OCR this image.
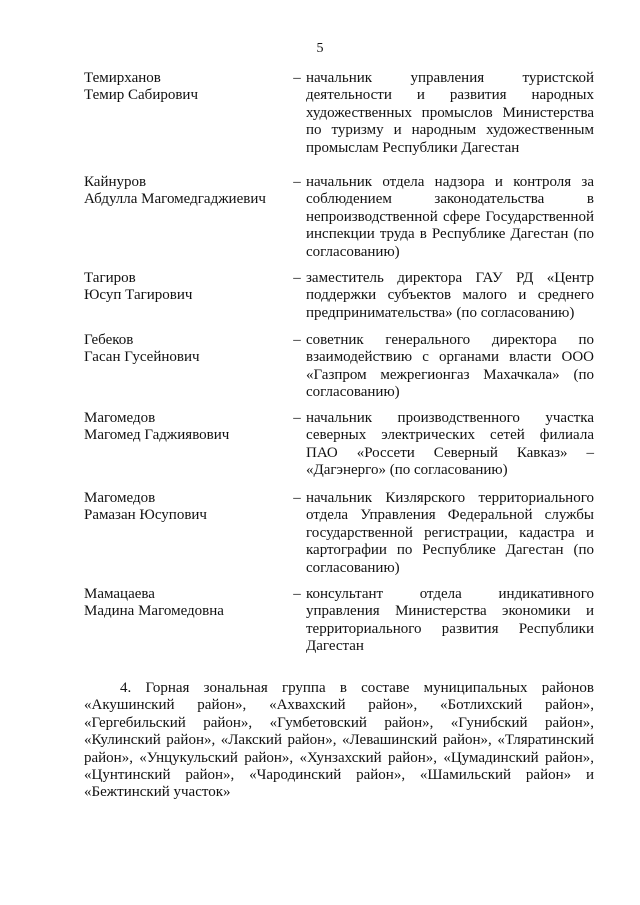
5
Темирханов
Темир Сабирович
– начальник управления туристской деятельности и развития народных художественных промыслов Министерства по туризму и народным художественным промыслам Республики Дагестан
Кайнуров
Абдулла Магомедгаджиевич
– начальник отдела надзора и контроля за соблюдением законодательства в непроизводственной сфере Государственной инспекции труда в Республике Дагестан (по согласованию)
Тагиров
Юсуп Тагирович
– заместитель директора ГАУ РД «Центр поддержки субъектов малого и среднего предпринимательства» (по согласованию)
Гебеков
Гасан Гусейнович
– советник генерального директора по взаимодействию с органами власти ООО «Газпром межрегионгаз Махачкала» (по согласованию)
Магомедов
Магомед Гаджиявович
– начальник производственного участка северных электрических сетей филиала ПАО «Россети Северный Кавказ» – «Дагэнерго» (по согласованию)
Магомедов
Рамазан Юсупович
– начальник Кизлярского территориального отдела Управления Федеральной службы государственной регистрации, кадастра и картографии по Республике Дагестан (по согласованию)
Мамацаева
Мадина Магомедовна
– консультант отдела индикативного управления Министерства экономики и территориального развития Республики Дагестан
4. Горная зональная группа в составе муниципальных районов «Акушинский район», «Ахвахский район», «Ботлихский район», «Гергебильский район», «Гумбетовский район», «Гунибский район», «Кулинский район», «Лакский район», «Левашинский район», «Тляратинский район», «Унцукульский район», «Хунзахский район», «Цумадинский район», «Цунтинский район», «Чародинский район», «Шамильский район» и «Бежтинский участок»
